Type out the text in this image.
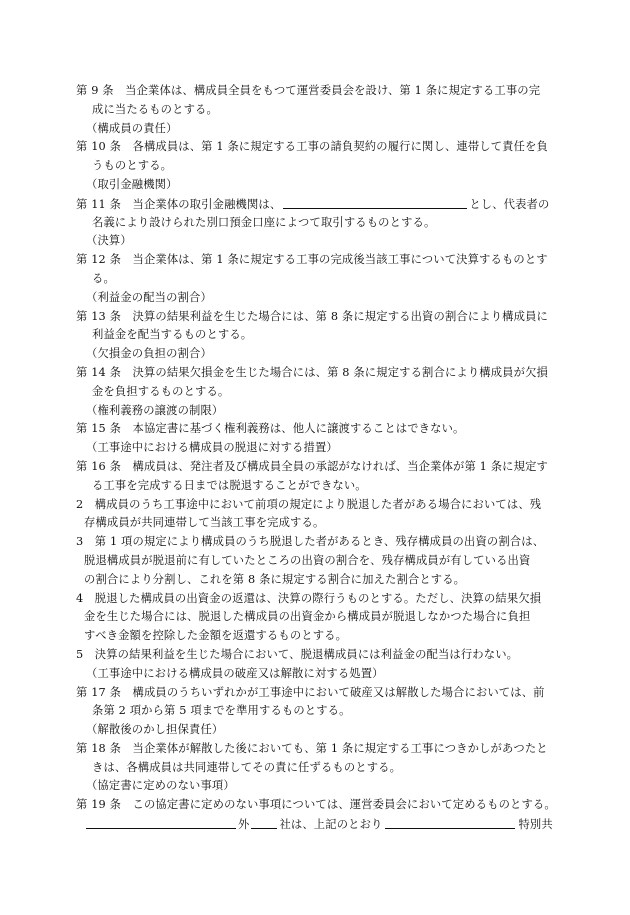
第 9 条　当企業体は、構成員全員をもつて運営委員会を設け、第 1 条に規定する工事の完
成に当たるものとする。
（構成員の責任）
第 10 条　各構成員は、第 1 条に規定する工事の請負契約の履行に関し、連帯して責任を負
うものとする。
（取引金融機関）
第 11 条　当企業体の取引金融機関は、	とし、代表者の
名義により設けられた別口預金口座によつて取引するものとする。
（決算）
第 12 条　当企業体は、第 1 条に規定する工事の完成後当該工事について決算するものとす
る。
（利益金の配当の割合）
第 13 条　決算の結果利益を生じた場合には、第 8 条に規定する出資の割合により構成員に
利益金を配当するものとする。
（欠損金の負担の割合）
第 14 条　決算の結果欠損金を生じた場合には、第 8 条に規定する割合により構成員が欠損
金を負担するものとする。
（権利義務の譲渡の制限）
第 15 条　本協定書に基づく権利義務は、他人に譲渡することはできない。
（工事途中における構成員の脱退に対する措置）
第 16 条　構成員は、発注者及び構成員全員の承認がなければ、当企業体が第 1 条に規定す
る工事を完成する日までは脱退することができない。
2　構成員のうち工事途中において前項の規定により脱退した者がある場合においては、残
存構成員が共同連帯して当該工事を完成する。
3　第 1 項の規定により構成員のうち脱退した者があるとき、残存構成員の出資の割合は、
脱退構成員が脱退前に有していたところの出資の割合を、残存構成員が有している出資
の割合により分割し、これを第 8 条に規定する割合に加えた割合とする。
4　脱退した構成員の出資金の返還は、決算の際行うものとする。ただし、決算の結果欠損
金を生じた場合には、脱退した構成員の出資金から構成員が脱退しなかつた場合に負担
すべき金額を控除した金額を返還するものとする。
5　決算の結果利益を生じた場合において、脱退構成員には利益金の配当は行わない。
（工事途中における構成員の破産又は解散に対する処置）
第 17 条　構成員のうちいずれかが工事途中において破産又は解散した場合においては、前
条第 2 項から第 5 項までを準用するものとする。
（解散後のかし担保責任）
第 18 条　当企業体が解散した後においても、第 1 条に規定する工事につきかしがあつたと
きは、各構成員は共同連帯してその責に任ずるものとする。
（協定書に定めのない事項）
第 19 条　この協定書に定めのない事項については、運営委員会において定めるものとする。
外	社は、上記のとおり	特別共
